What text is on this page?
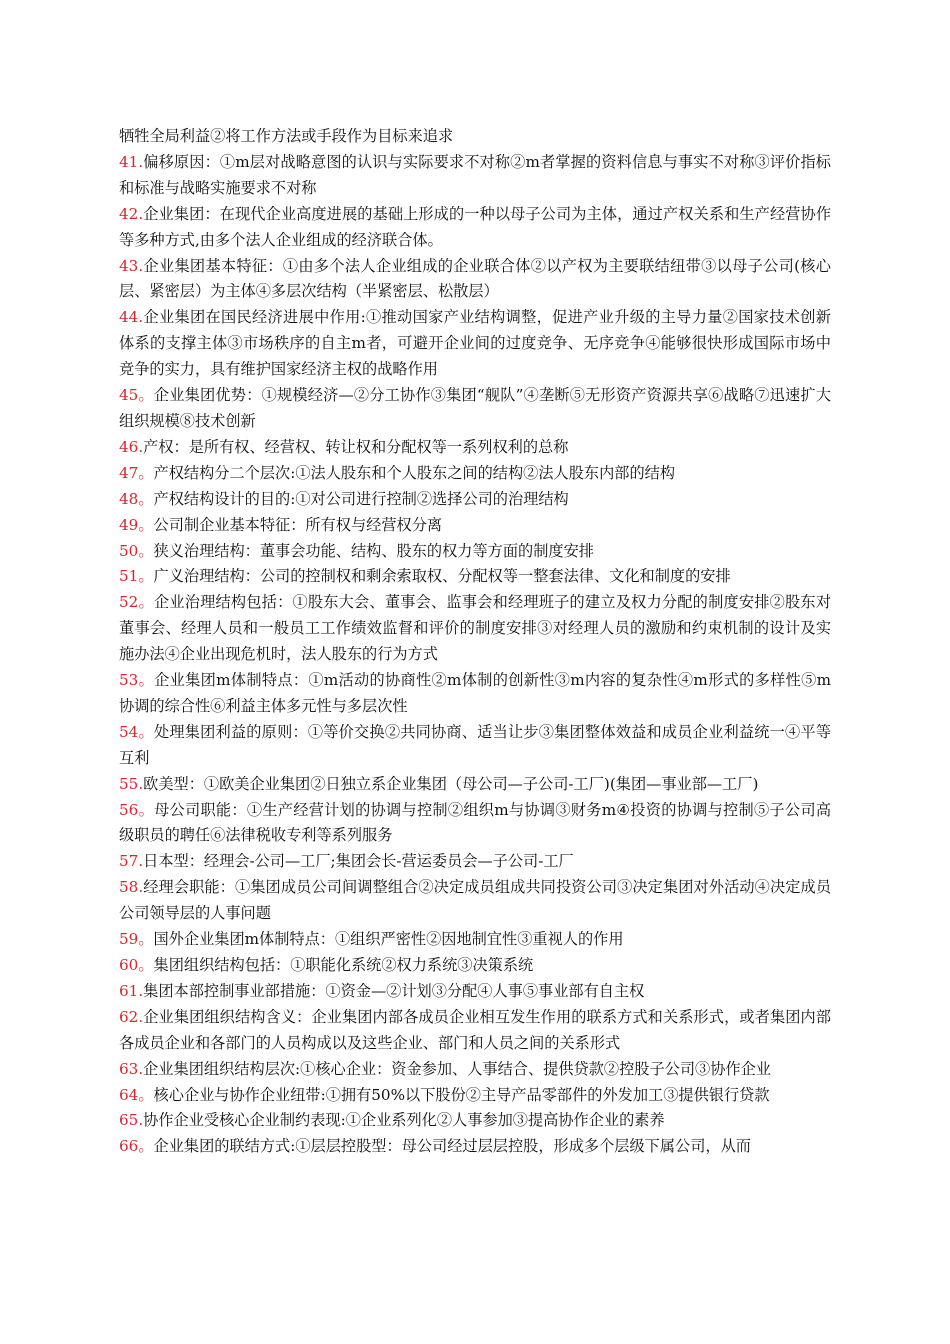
牺牲全局利益②将工作方法或手段作为目标来追求

41.偏移原因：①m层对战略意图的认识与实际要求不对称②m者掌握的资料信息与事实不对称③评价指标和标准与战略实施要求不对称

42.企业集团：在现代企业高度进展的基础上形成的一种以母子公司为主体，通过产权关系和生产经营协作等多种方式,由多个法人企业组成的经济联合体。

43.企业集团基本特征：①由多个法人企业组成的企业联合体②以产权为主要联结纽带③以母子公司(核心层、紧密层）为主体④多层次结构（半紧密层、松散层）

44.企业集团在国民经济进展中作用:①推动国家产业结构调整，促进产业升级的主导力量②国家技术创新体系的支撑主体③市场秩序的自主m者，可避开企业间的过度竞争、无序竞争④能够很快形成国际市场中竞争的实力，具有维护国家经济主权的战略作用

45。企业集团优势：①规模经济—②分工协作③集团“舰队”④垄断⑤无形资产资源共享⑥战略⑦迅速扩大组织规模⑧技术创新

46.产权：是所有权、经营权、转让权和分配权等一系列权利的总称

47。产权结构分二个层次:①法人股东和个人股东之间的结构②法人股东内部的结构

48。产权结构设计的目的:①对公司进行控制②选择公司的治理结构

49。公司制企业基本特征：所有权与经营权分离

50。狭义治理结构：董事会功能、结构、股东的权力等方面的制度安排

51。广义治理结构：公司的控制权和剩余索取权、分配权等一整套法律、文化和制度的安排

52。企业治理结构包括：①股东大会、董事会、监事会和经理班子的建立及权力分配的制度安排②股东对董事会、经理人员和一般员工工作绩效监督和评价的制度安排③对经理人员的激励和约束机制的设计及实施办法④企业出现危机时，法人股东的行为方式

53。企业集团m体制特点：①m活动的协商性②m体制的创新性③m内容的复杂性④m形式的多样性⑤m协调的综合性⑥利益主体多元性与多层次性

54。处理集团利益的原则：①等价交换②共同协商、适当让步③集团整体效益和成员企业利益统一④平等互利

55.欧美型：①欧美企业集团②日独立系企业集团（母公司—子公司-工厂)(集团—事业部—工厂)

56。母公司职能：①生产经营计划的协调与控制②组织m与协调③财务m④投资的协调与控制⑤子公司高级职员的聘任⑥法律税收专利等系列服务

57.日本型：经理会-公司—工厂;集团会长-营运委员会—子公司-工厂

58.经理会职能：①集团成员公司间调整组合②决定成员组成共同投资公司③决定集团对外活动④决定成员公司领导层的人事问题

59。国外企业集团m体制特点：①组织严密性②因地制宜性③重视人的作用

60。集团组织结构包括：①职能化系统②权力系统③决策系统

61.集团本部控制事业部措施：①资金—②计划③分配④人事⑤事业部有自主权

62.企业集团组织结构含义：企业集团内部各成员企业相互发生作用的联系方式和关系形式，或者集团内部各成员企业和各部门的人员构成以及这些企业、部门和人员之间的关系形式

63.企业集团组织结构层次:①核心企业：资金参加、人事结合、提供贷款②控股子公司③协作企业

64。核心企业与协作企业纽带:①拥有50%以下股份②主导产品零部件的外发加工③提供银行贷款

65.协作企业受核心企业制约表现:①企业系列化②人事参加③提高协作企业的素养

66。企业集团的联结方式:①层层控股型：母公司经过层层控股，形成多个层级下属公司，从而
